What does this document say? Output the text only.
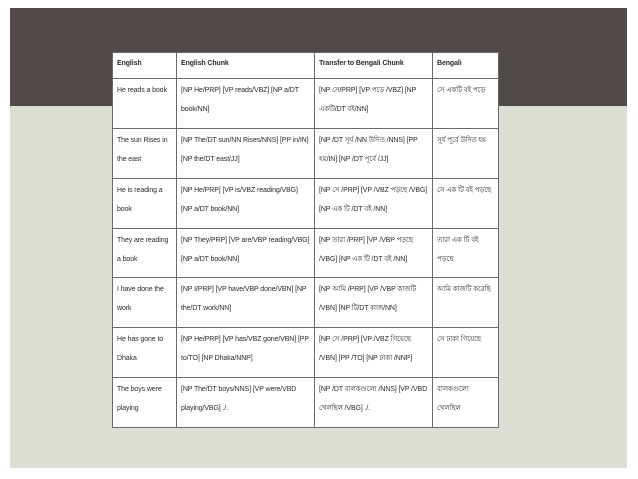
English	English Chunk	Transfer to Bengali Chunk	Bengali
He reads a book	[NP He/PRP] [VP reads/VBZ] [NP a/DT book/NN]	[NP সে/PRP] [VP পড়ে /VBZ] [NP একটি/DT বই/NN]	সে একটি বই পড়ে
The sun Rises in the east	[NP The/DT sun/NN Rises/NNS] [PP in/IN] [NP the/DT east/JJ]	[NP /DT সূর্য /NN উদিত /NNS] [PP হয়/IN] [NP /DT পূর্বে /JJ]	সূর্য পূর্বে উদিত হয়
He is reading a book	[NP He/PRP] [VP is/VBZ reading/VBG] [NP a/DT book/NN]	[NP সে /PRP] [VP /VBZ পড়ছে /VBG] [NP এক টি /DT বই /NN]	সে এক টি বই পড়ছে
They are reading a book	[NP They/PRP] [VP are/VBP reading/VBG] [NP a/DT book/NN]	[NP তারা /PRP] [VP /VBP পড়ছে /VBG] [NP এক টি /DT বই /NN]	তারা এক টি বই পড়ছে
I have done the work	[NP I/PRP] [VP have/VBP done/VBN] [NP the/DT work/NN]	[NP আমি /PRP] [VP /VBP কাজটি /VBN] [NP টি/DT কাজ/NN]	আমি কাজটি করেছি
He has gone to Dhaka	[NP He/PRP] [VP has/VBZ gone/VBN] [PP to/TO] [NP Dhaka/NNP]	[NP সে /PRP] [VP /VBZ গিয়েছে /VBN] [PP /TO] [NP ঢাকা /NNP]	সে ঢাকা গিয়েছে
The boys were playing	[NP The/DT boys/NNS] [VP were/VBD playing/VBG] ./.	[NP /DT বালকগুলো /NNS] [VP /VBD খেলছিল /VBG] ./.	বালকগুলো খেলছিল
